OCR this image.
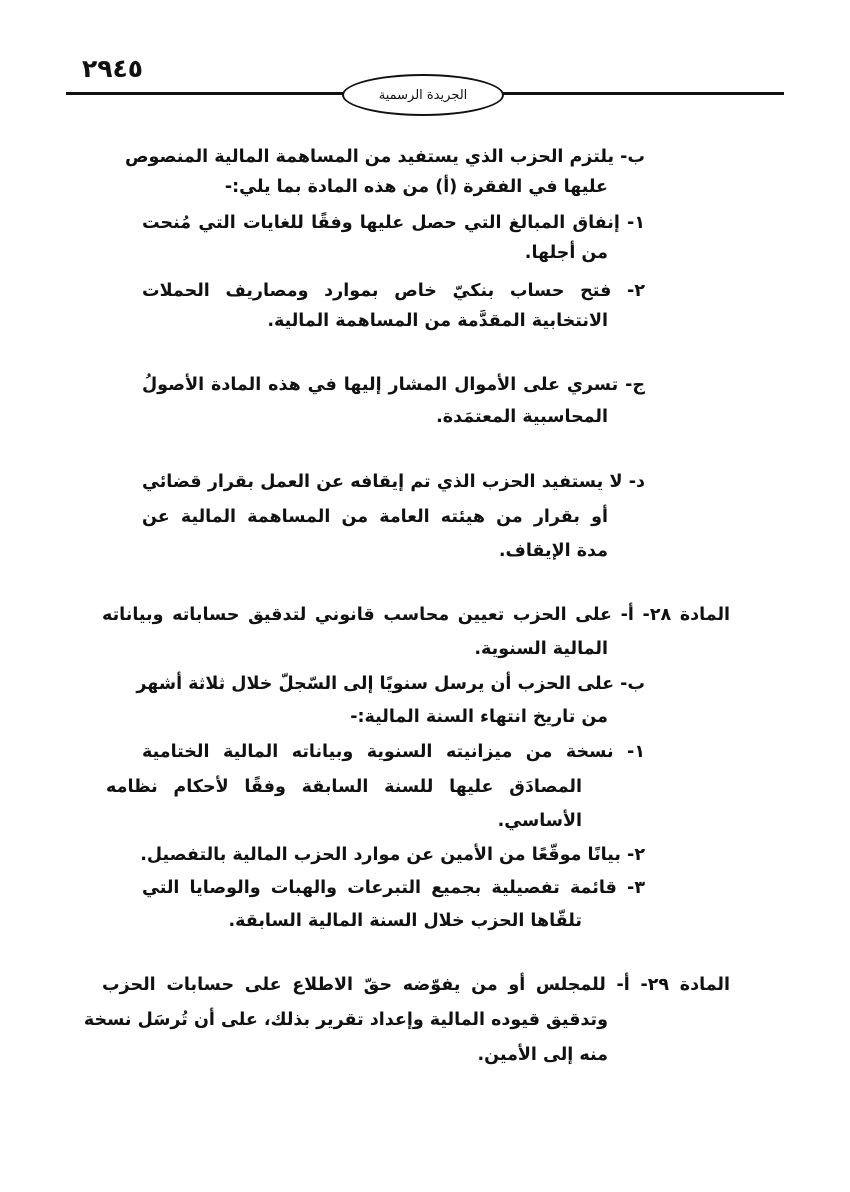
٢٩٤٥
الجريدة الرسمية
ب- يلتزم الحزب الذي يستفيد من المساهمة المالية المنصوص
عليها في الفقرة (أ) من هذه المادة بما يلي:-
١- إنفاق المبالغ التي حصل عليها وفقًا للغايات التي مُنحت
من أجلها.
٢- فتح حساب بنكيّ خاص بموارد ومصاريف الحملات
الانتخابية المقدَّمة من المساهمة المالية.
ج- تسري على الأموال المشار إليها في هذه المادة الأصولُ
المحاسبية المعتمَدة.
د- لا يستفيد الحزب الذي تم إيقافه عن العمل بقرار قضائي
أو بقرار من هيئته العامة من المساهمة المالية عن
مدة الإيقاف.
المادة ٢٨- أ- على الحزب تعيين محاسب قانوني لتدقيق حساباته وبياناته
المالية السنوية.
ب- على الحزب أن يرسل سنويًا إلى السّجلّ خلال ثلاثة أشهر
من تاريخ انتهاء السنة المالية:-
١- نسخة من ميزانيته السنوية وبياناته المالية الختامية
المصادَق عليها للسنة السابقة وفقًا لأحكام نظامه
الأساسي.
٢- بيانًا موقّعًا من الأمين عن موارد الحزب المالية بالتفصيل.
٣- قائمة تفصيلية بجميع التبرعات والهبات والوصايا التي
تلقّاها الحزب خلال السنة المالية السابقة.
المادة ٢٩- أ- للمجلس أو من يفوّضه حقّ الاطلاع على حسابات الحزب
وتدقيق قيوده المالية وإعداد تقرير بذلك، على أن تُرسَل نسخة
منه إلى الأمين.
